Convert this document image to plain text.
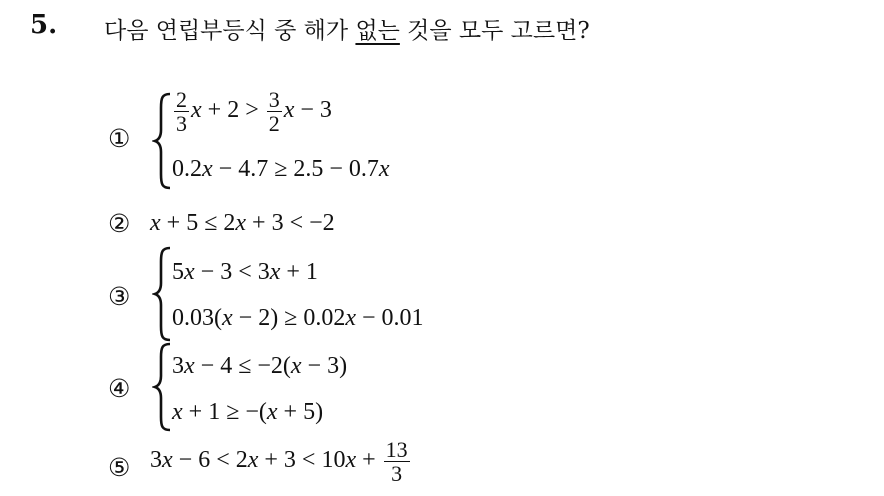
5. 다음 연립부등식 중 해가 없는 것을 모두 고르면?
①
$\frac{2}{3}$ $x + 2 > \frac{3}{2}$ x − 3
0.2x − 4.7 ≥ 2.5 − 0.7x
② x + 5 ≤ 2x + 3 < −2
③
5x − 3 < 3x + 1
0.03(x − 2) ≥ 0.02x − 0.01
④
3x − 4 ≤ −2(x − 3)
x + 1 ≥ −(x + 5)
⑤ $3x - 6 < 2x + 3 < 10x + \frac{13}{3}$
